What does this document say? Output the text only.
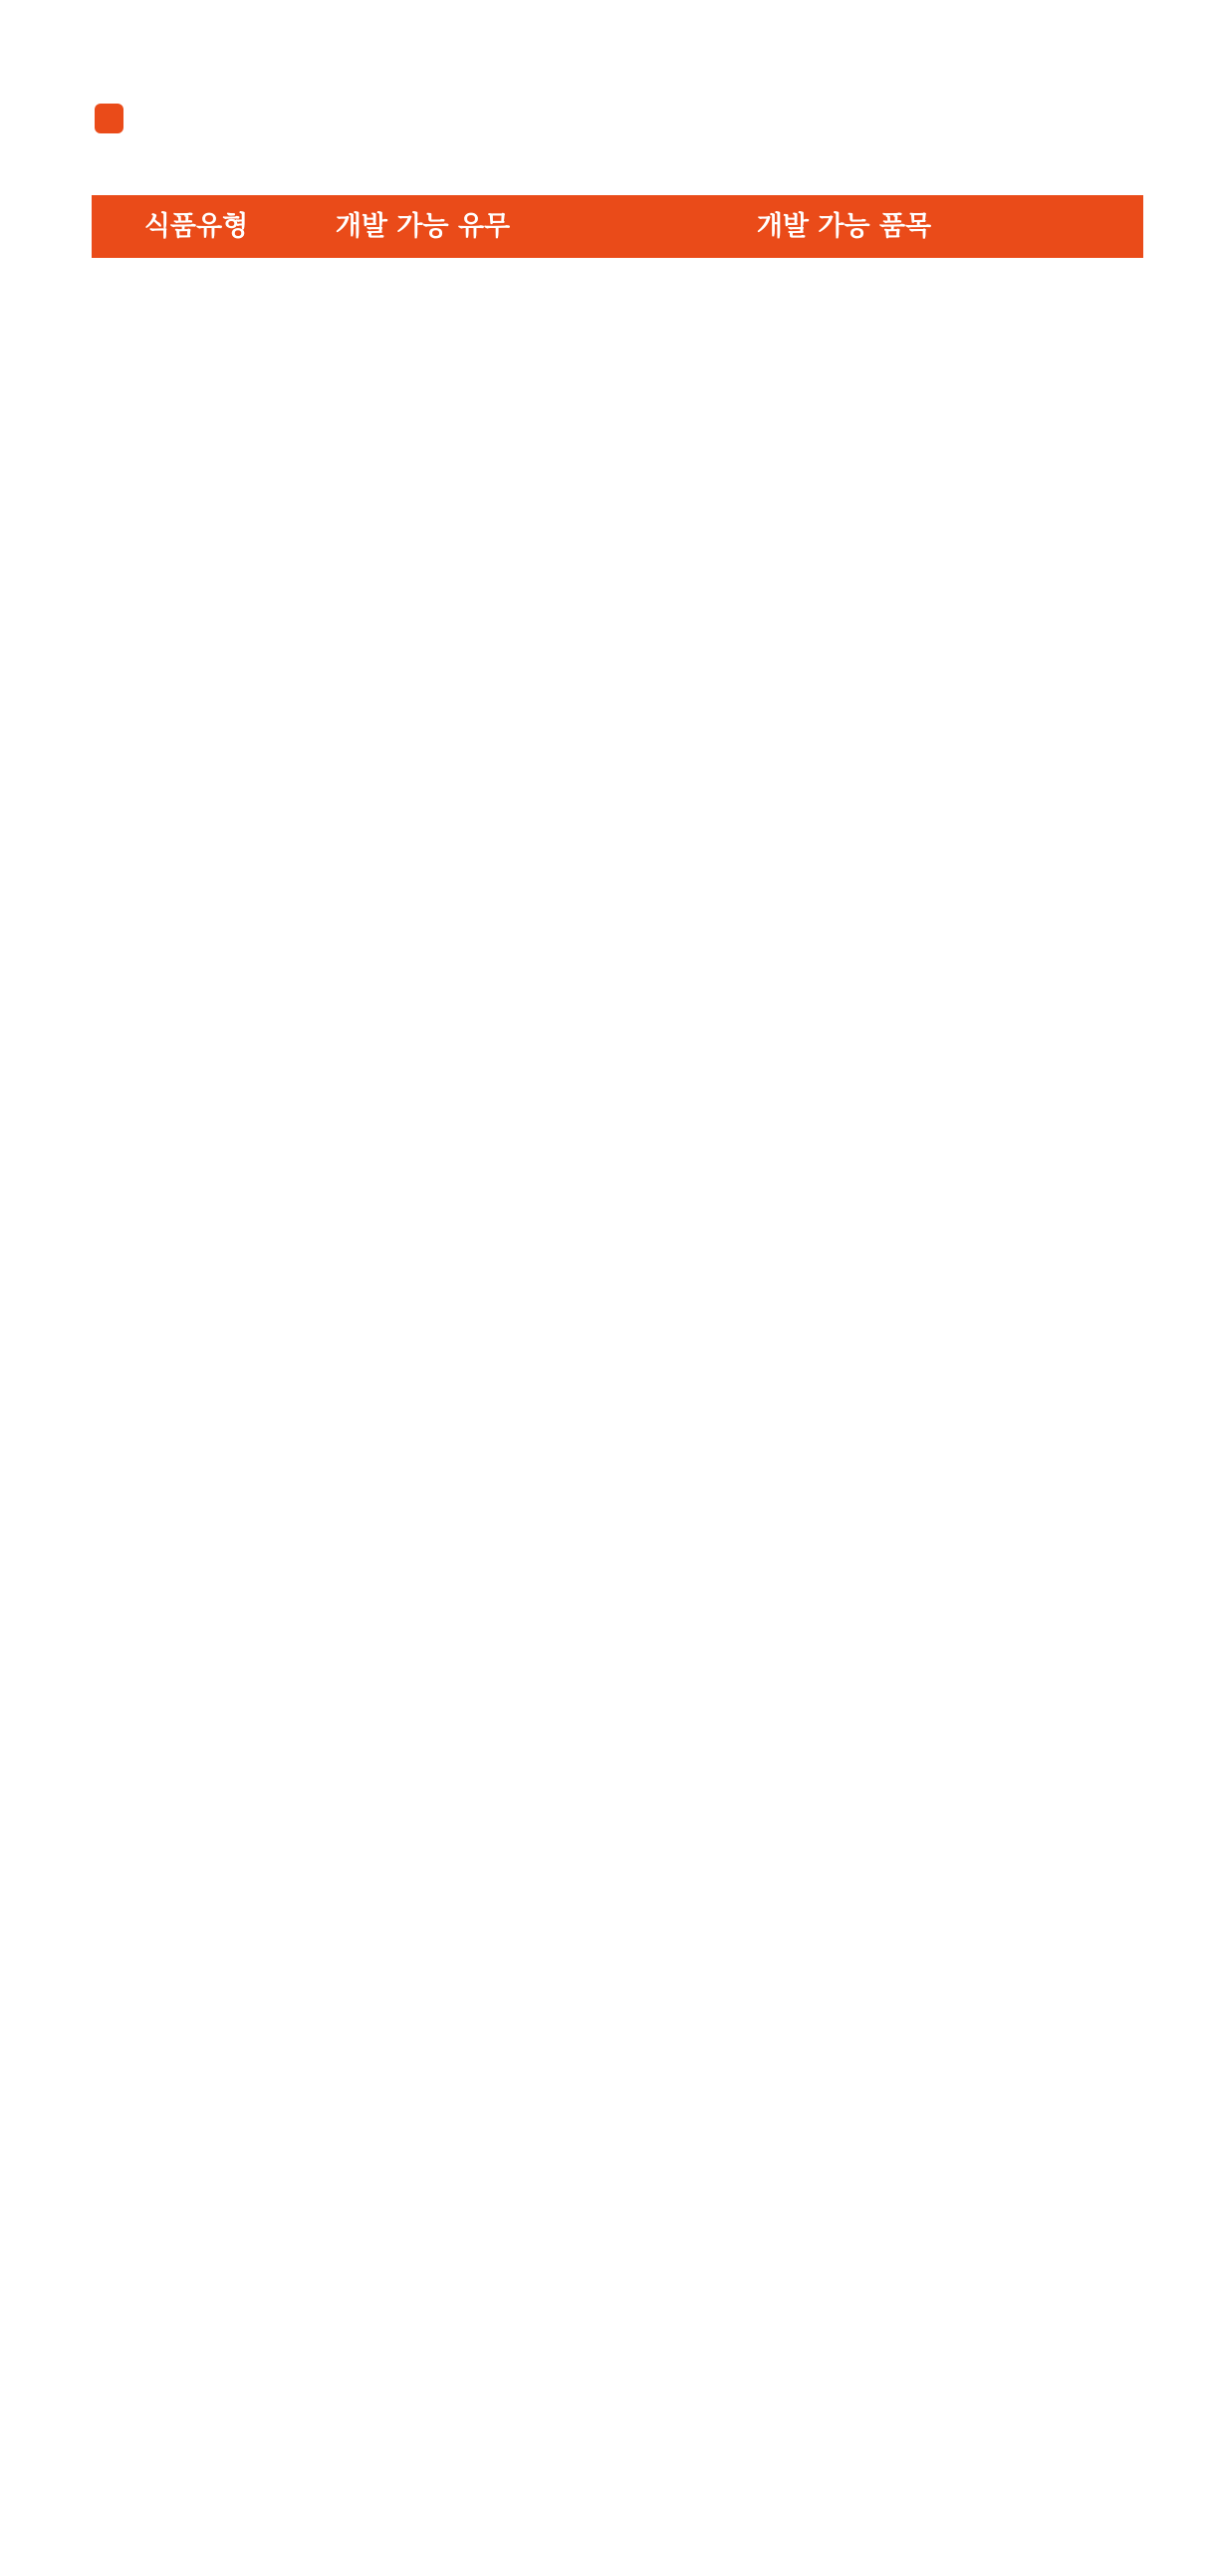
식품유형	개발 가능 유무	개발 가능 품목
